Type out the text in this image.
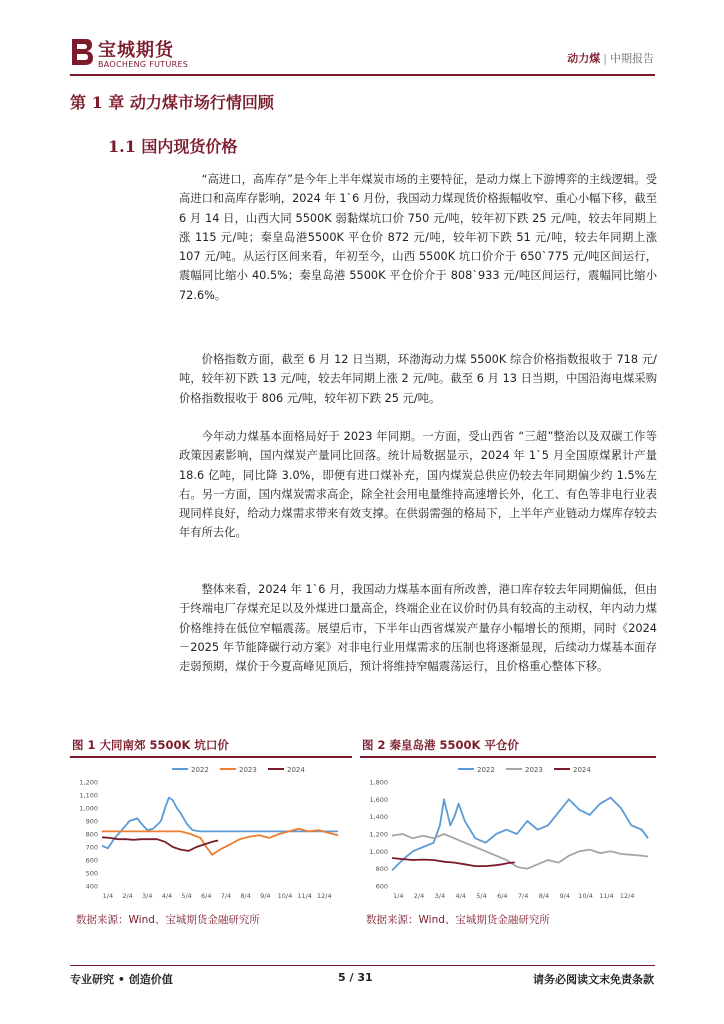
宝城期货
BAOCHENG FUTURES	动力煤 | 中期报告
第 1 章 动力煤市场行情回顾
1.1 国内现货价格
“高进口，高库存”是今年上半年煤炭市场的主要特征，是动力煤上下游博弈的主线逻辑。受高进口和高库存影响，2024 年 1`6 月份，我国动力煤现货价格振幅收窄、重心小幅下移，截至 6 月 14 日，山西大同 5500K 弱黏煤坑口价 750 元/吨，较年初下跌 25 元/吨，较去年同期上涨 115 元/吨；秦皇岛港5500K 平仓价 872 元/吨，较年初下跌 51 元/吨，较去年同期上涨 107 元/吨。从运行区间来看，年初至今，山西 5500K 坑口价介于 650`775 元/吨区间运行，震幅同比缩小 40.5%；秦皇岛港 5500K 平仓价介于 808`933 元/吨区间运行，震幅同比缩小 72.6%。
价格指数方面，截至 6 月 12 日当期，环渤海动力煤 5500K 综合价格指数报收于 718 元/吨，较年初下跌 13 元/吨，较去年同期上涨 2 元/吨。截至 6 月 13 日当期，中国沿海电煤采购价格指数报收于 806 元/吨，较年初下跌 25 元/吨。
今年动力煤基本面格局好于 2023 年同期。一方面，受山西省 “三超”整治以及双碳工作等政策因素影响，国内煤炭产量同比回落。统计局数据显示，2024 年 1`5 月全国原煤累计产量 18.6 亿吨，同比降 3.0%，即便有进口煤补充，国内煤炭总供应仍较去年同期偏少约 1.5%左右。另一方面，国内煤炭需求高企，除全社会用电量维持高速增长外，化工、有色等非电行业表现同样良好，给动力煤需求带来有效支撑。在供弱需强的格局下，上半年产业链动力煤库存较去年有所去化。
整体来看，2024 年 1`6 月，我国动力煤基本面有所改善，港口库存较去年同期偏低，但由于终端电厂存煤充足以及外煤进口量高企，终端企业在议价时仍具有较高的主动权，年内动力煤价格维持在低位窄幅震荡。展望后市，下半年山西省煤炭产量存小幅增长的预期，同时《2024－2025 年节能降碳行动方案》对非电行业用煤需求的压制也将逐渐显现，后续动力煤基本面存走弱预期，煤价于今夏高峰见顶后，预计将维持窄幅震荡运行，且价格重心整体下移。
图 1 大同南郊 5500K 坑口价
2022	2023	2024
400
500
600
700
800
900
1,000
1,100
1,200
1/4 2/4 3/4 4/4 5/4 6/4 7/4 8/4 9/4 10/4 11/4 12/4
数据来源：Wind、宝城期货金融研究所
图 2 秦皇岛港 5500K 平仓价
2022	2023	2024
600
800
1,000
1,200
1,400
1,600
1,800
1/4 2/4 3/4 4/4 5/4 6/4 7/4 8/4 9/4 10/4 11/4 12/4
数据来源：Wind、宝城期货金融研究所
专业研究 • 创造价值	5 / 31	请务必阅读文末免责条款
